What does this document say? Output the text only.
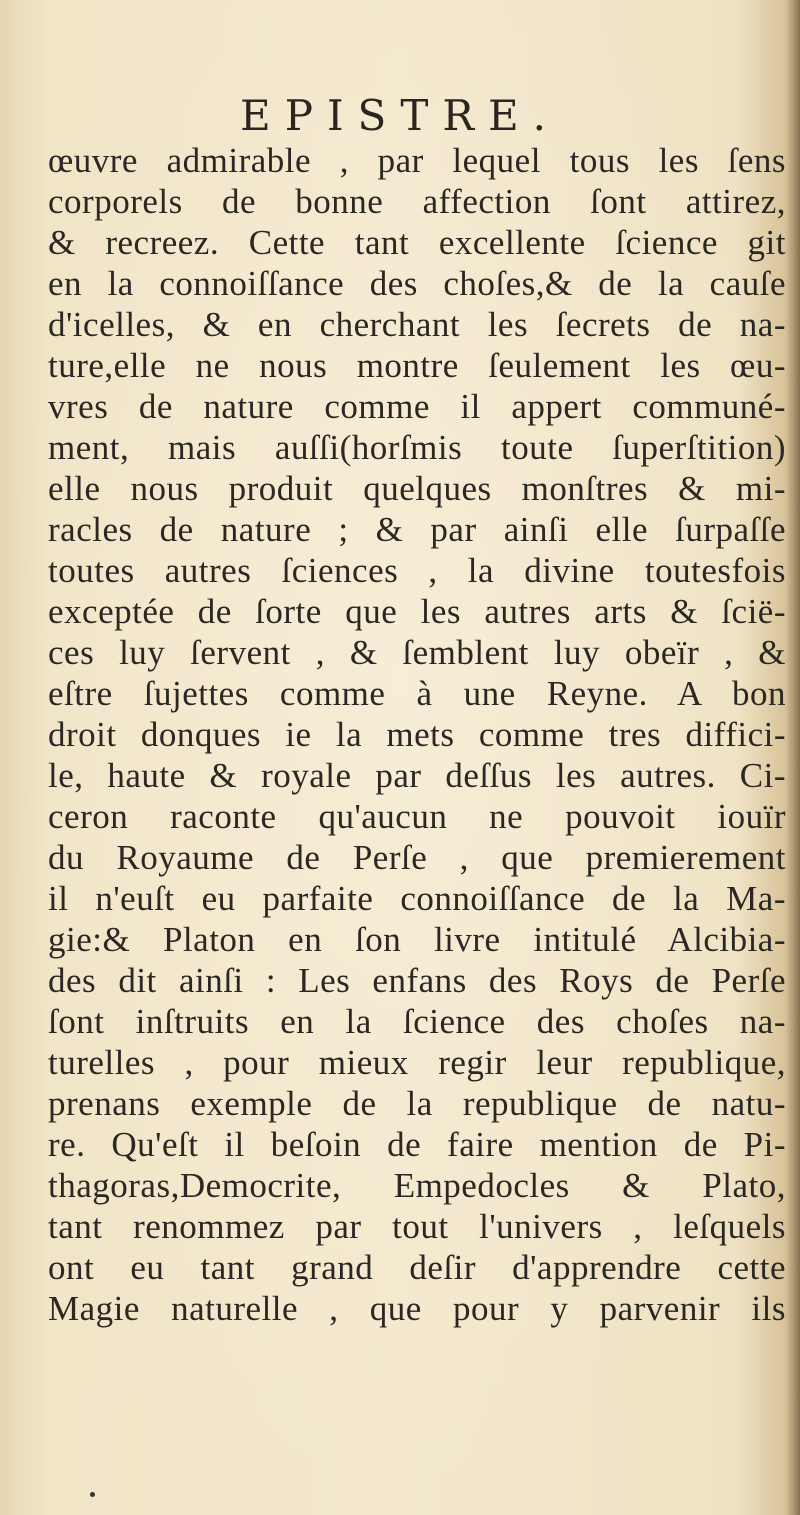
EPISTRE.
œuvre admirable , par lequel tous les ſens
corporels de bonne affection ſont attirez,
& recreez. Cette tant excellente ſcience git
en la connoiſſance des choſes,& de la cauſe
d'icelles, & en cherchant les ſecrets de na-
ture,elle ne nous montre ſeulement les œu-
vres de nature comme il appert communé-
ment, mais auſſi(horſmis toute ſuperſtition)
elle nous produit quelques monſtres & mi-
racles de nature ; & par ainſi elle ſurpaſſe
toutes autres ſciences , la divine toutesfois
exceptée de ſorte que les autres arts & ſcië-
ces luy ſervent , & ſemblent luy obeïr , &
eſtre ſujettes comme à une Reyne. A bon
droit donques ie la mets comme tres diffici-
le, haute & royale par deſſus les autres. Ci-
ceron raconte qu'aucun ne pouvoit iouïr
du Royaume de Perſe , que premierement
il n'euſt eu parfaite connoiſſance de la Ma-
gie:& Platon en ſon livre intitulé Alcibia-
des dit ainſi : Les enfans des Roys de Perſe
ſont inſtruits en la ſcience des choſes na-
turelles , pour mieux regir leur republique,
prenans exemple de la republique de natu-
re. Qu'eſt il beſoin de faire mention de Pi-
thagoras,Democrite, Empedocles & Plato,
tant renommez par tout l'univers , leſquels
ont eu tant grand deſir d'apprendre cette
Magie naturelle , que pour y parvenir ils
